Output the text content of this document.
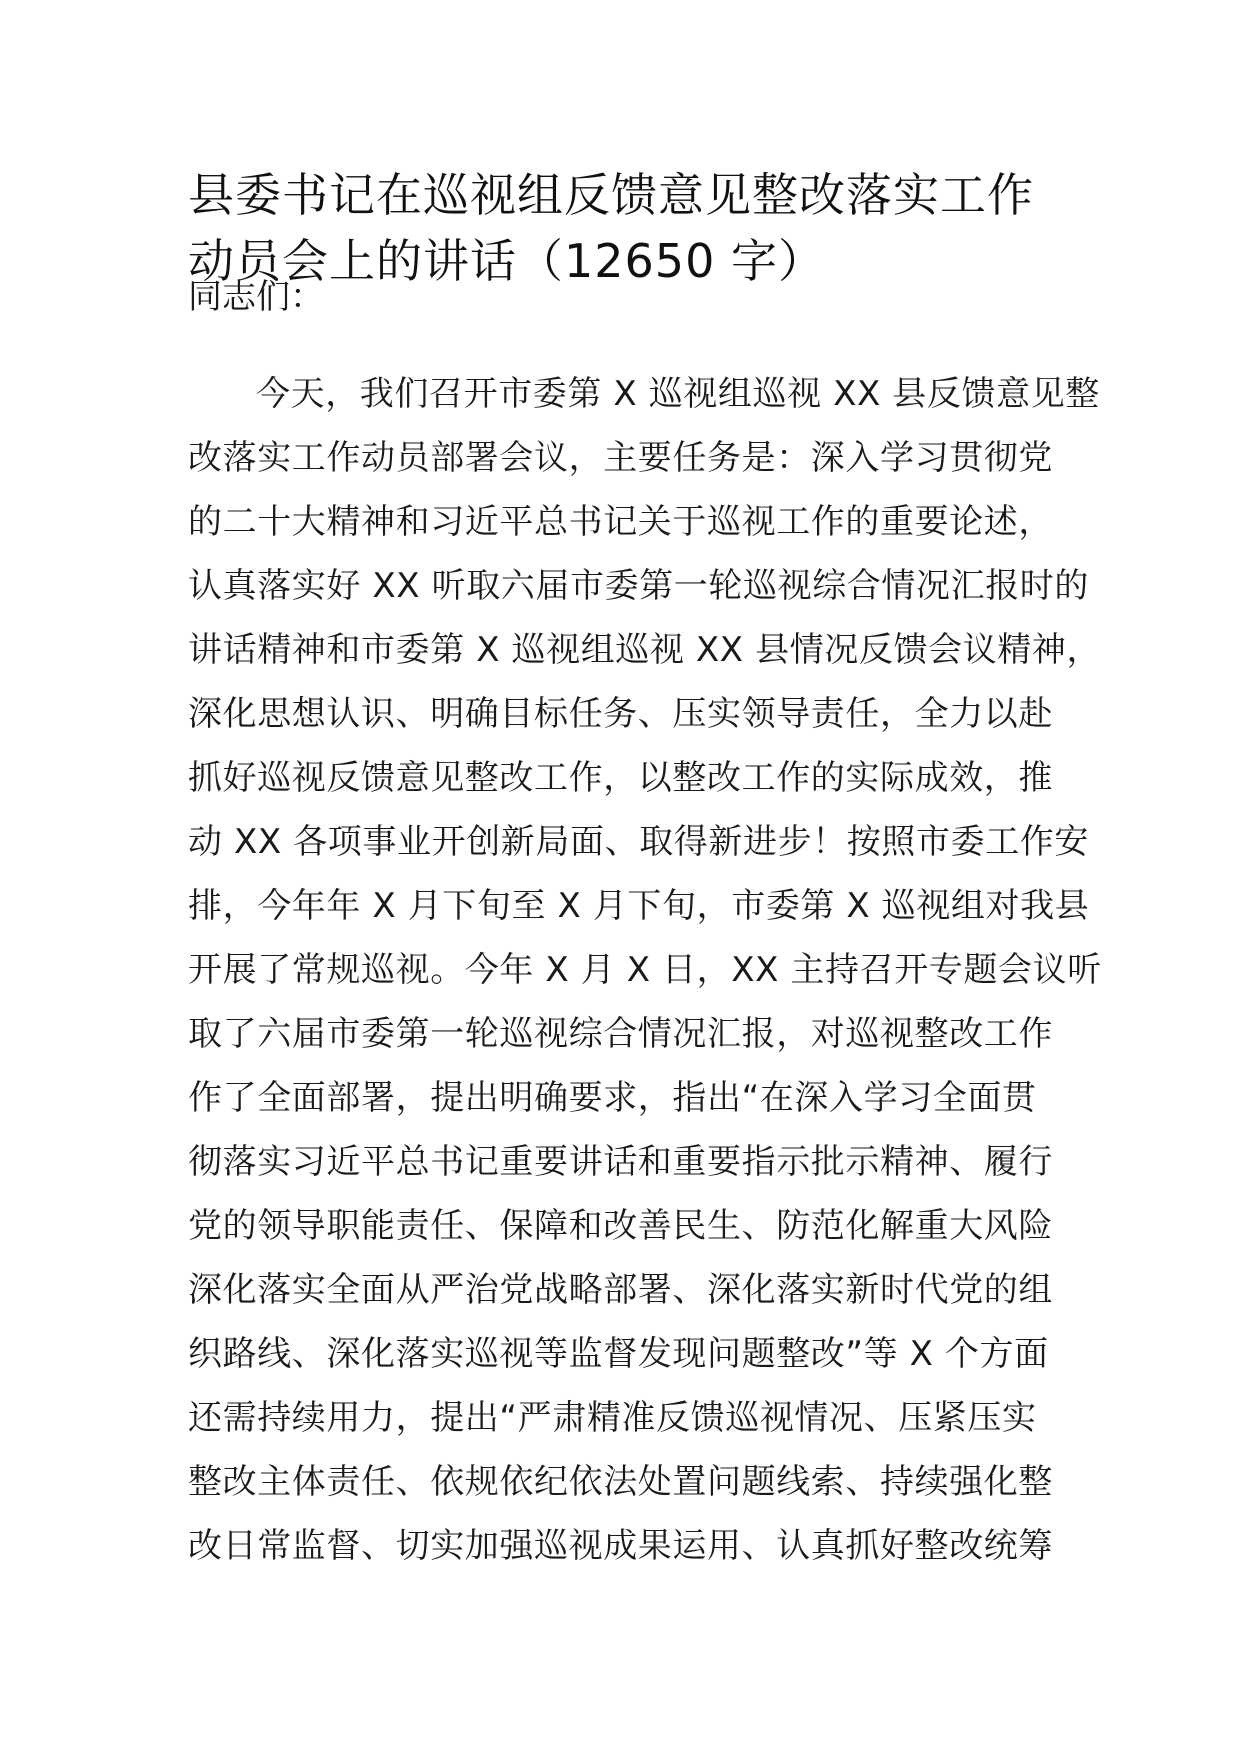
县委书记在巡视组反馈意见整改落实工作
动员会上的讲话（12650 字）

同志们：

今天，我们召开市委第 X 巡视组巡视 XX 县反馈意见整
改落实工作动员部署会议，主要任务是：深入学习贯彻党
的二十大精神和习近平总书记关于巡视工作的重要论述，
认真落实好 XX 听取六届市委第一轮巡视综合情况汇报时的
讲话精神和市委第 X 巡视组巡视 XX 县情况反馈会议精神，
深化思想认识、明确目标任务、压实领导责任，全力以赴
抓好巡视反馈意见整改工作，以整改工作的实际成效，推
动 XX 各项事业开创新局面、取得新进步！按照市委工作安
排，今年年 X 月下旬至 X 月下旬，市委第 X 巡视组对我县
开展了常规巡视。今年 X 月 X 日，XX 主持召开专题会议听
取了六届市委第一轮巡视综合情况汇报，对巡视整改工作
作了全面部署，提出明确要求，指出“在深入学习全面贯
彻落实习近平总书记重要讲话和重要指示批示精神、履行
党的领导职能责任、保障和改善民生、防范化解重大风险
深化落实全面从严治党战略部署、深化落实新时代党的组
织路线、深化落实巡视等监督发现问题整改”等 X 个方面
还需持续用力，提出“严肃精准反馈巡视情况、压紧压实
整改主体责任、依规依纪依法处置问题线索、持续强化整
改日常监督、切实加强巡视成果运用、认真抓好整改统筹
